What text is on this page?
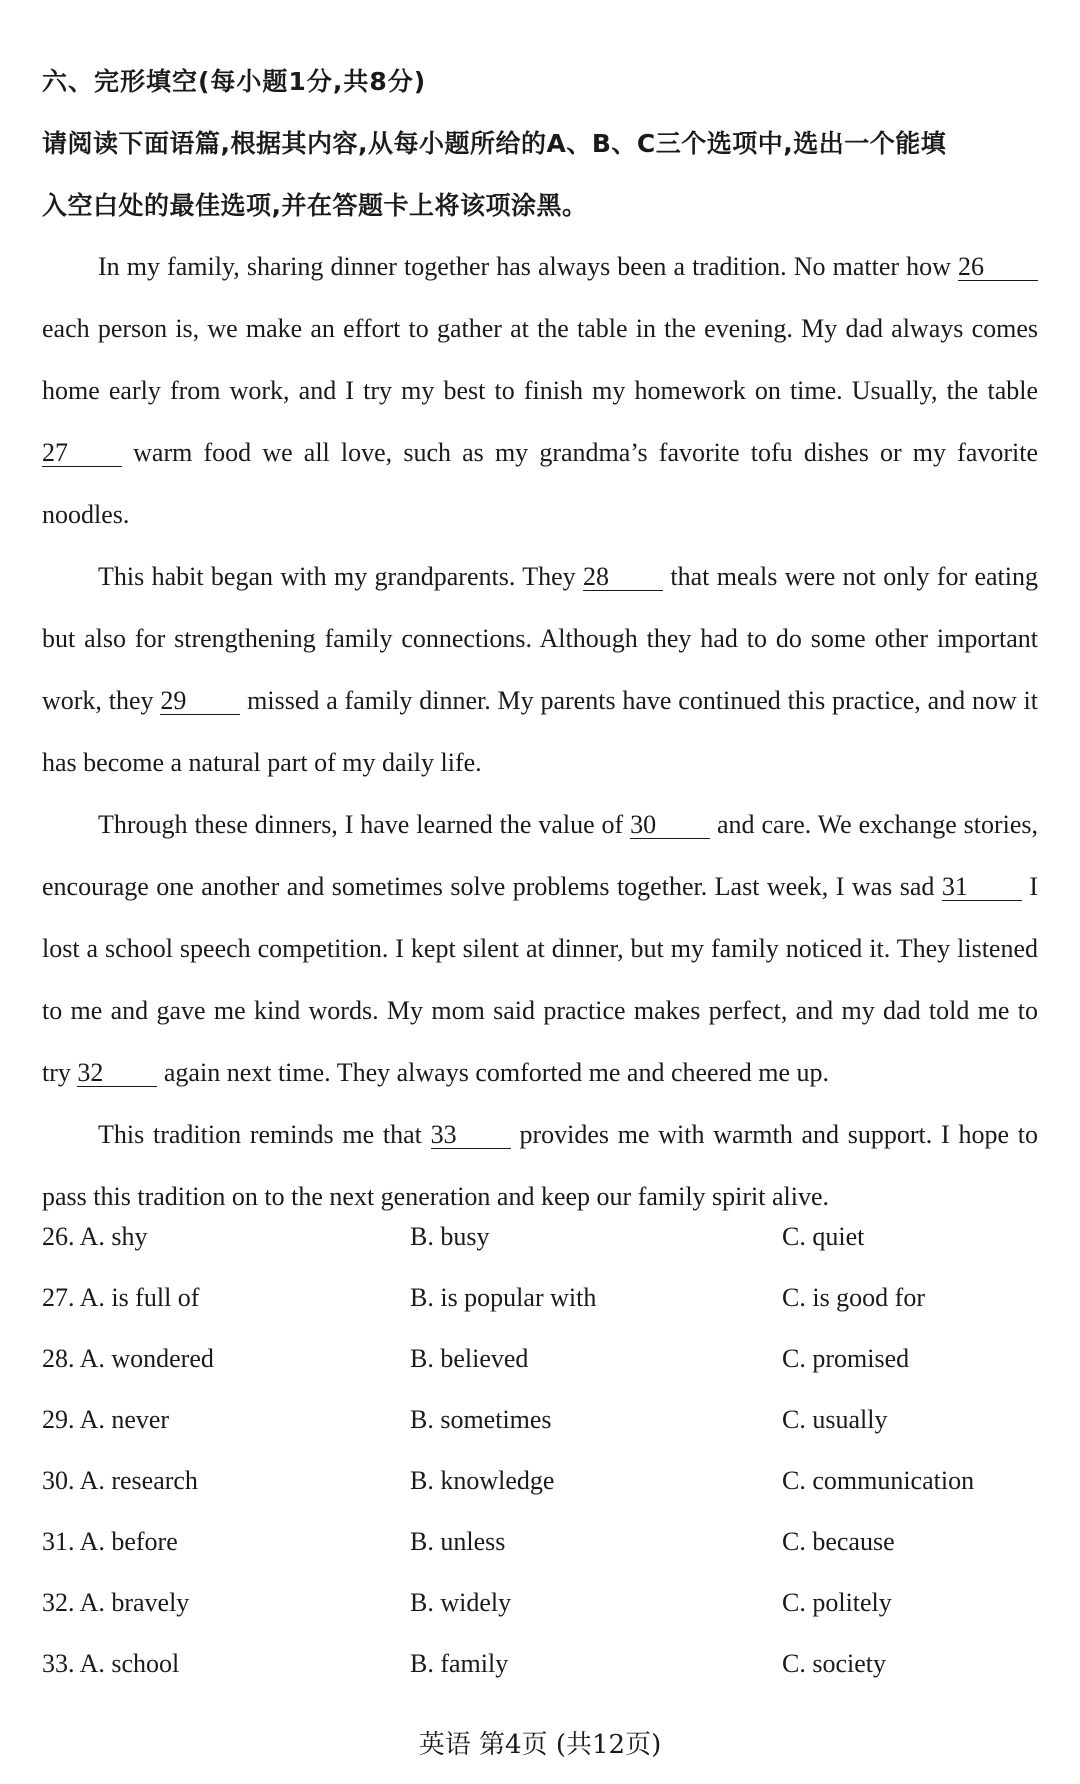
六、完形填空(每小题1分,共8分)
请阅读下面语篇,根据其内容,从每小题所给的A、B、C三个选项中,选出一个能填
入空白处的最佳选项,并在答题卡上将该项涂黑。

In my family, sharing dinner together has always been a tradition. No matter how 26 each person is, we make an effort to gather at the table in the evening. My dad always comes home early from work, and I try my best to finish my homework on time. Usually, the table 27 warm food we all love, such as my grandma’s favorite tofu dishes or my favorite noodles.

This habit began with my grandparents. They 28 that meals were not only for eating but also for strengthening family connections. Although they had to do some other important work, they 29 missed a family dinner. My parents have continued this practice, and now it has become a natural part of my daily life.

Through these dinners, I have learned the value of 30 and care. We exchange stories, encourage one another and sometimes solve problems together. Last week, I was sad 31 I lost a school speech competition. I kept silent at dinner, but my family noticed it. They listened to me and gave me kind words. My mom said practice makes perfect, and my dad told me to try 32 again next time. They always comforted me and cheered me up.

This tradition reminds me that 33 provides me with warmth and support. I hope to pass this tradition on to the next generation and keep our family spirit alive.

26. A. shy	B. busy	C. quiet
27. A. is full of	B. is popular with	C. is good for
28. A. wondered	B. believed	C. promised
29. A. never	B. sometimes	C. usually
30. A. research	B. knowledge	C. communication
31. A. before	B. unless	C. because
32. A. bravely	B. widely	C. politely
33. A. school	B. family	C. society
英语 第4页 (共12页)
